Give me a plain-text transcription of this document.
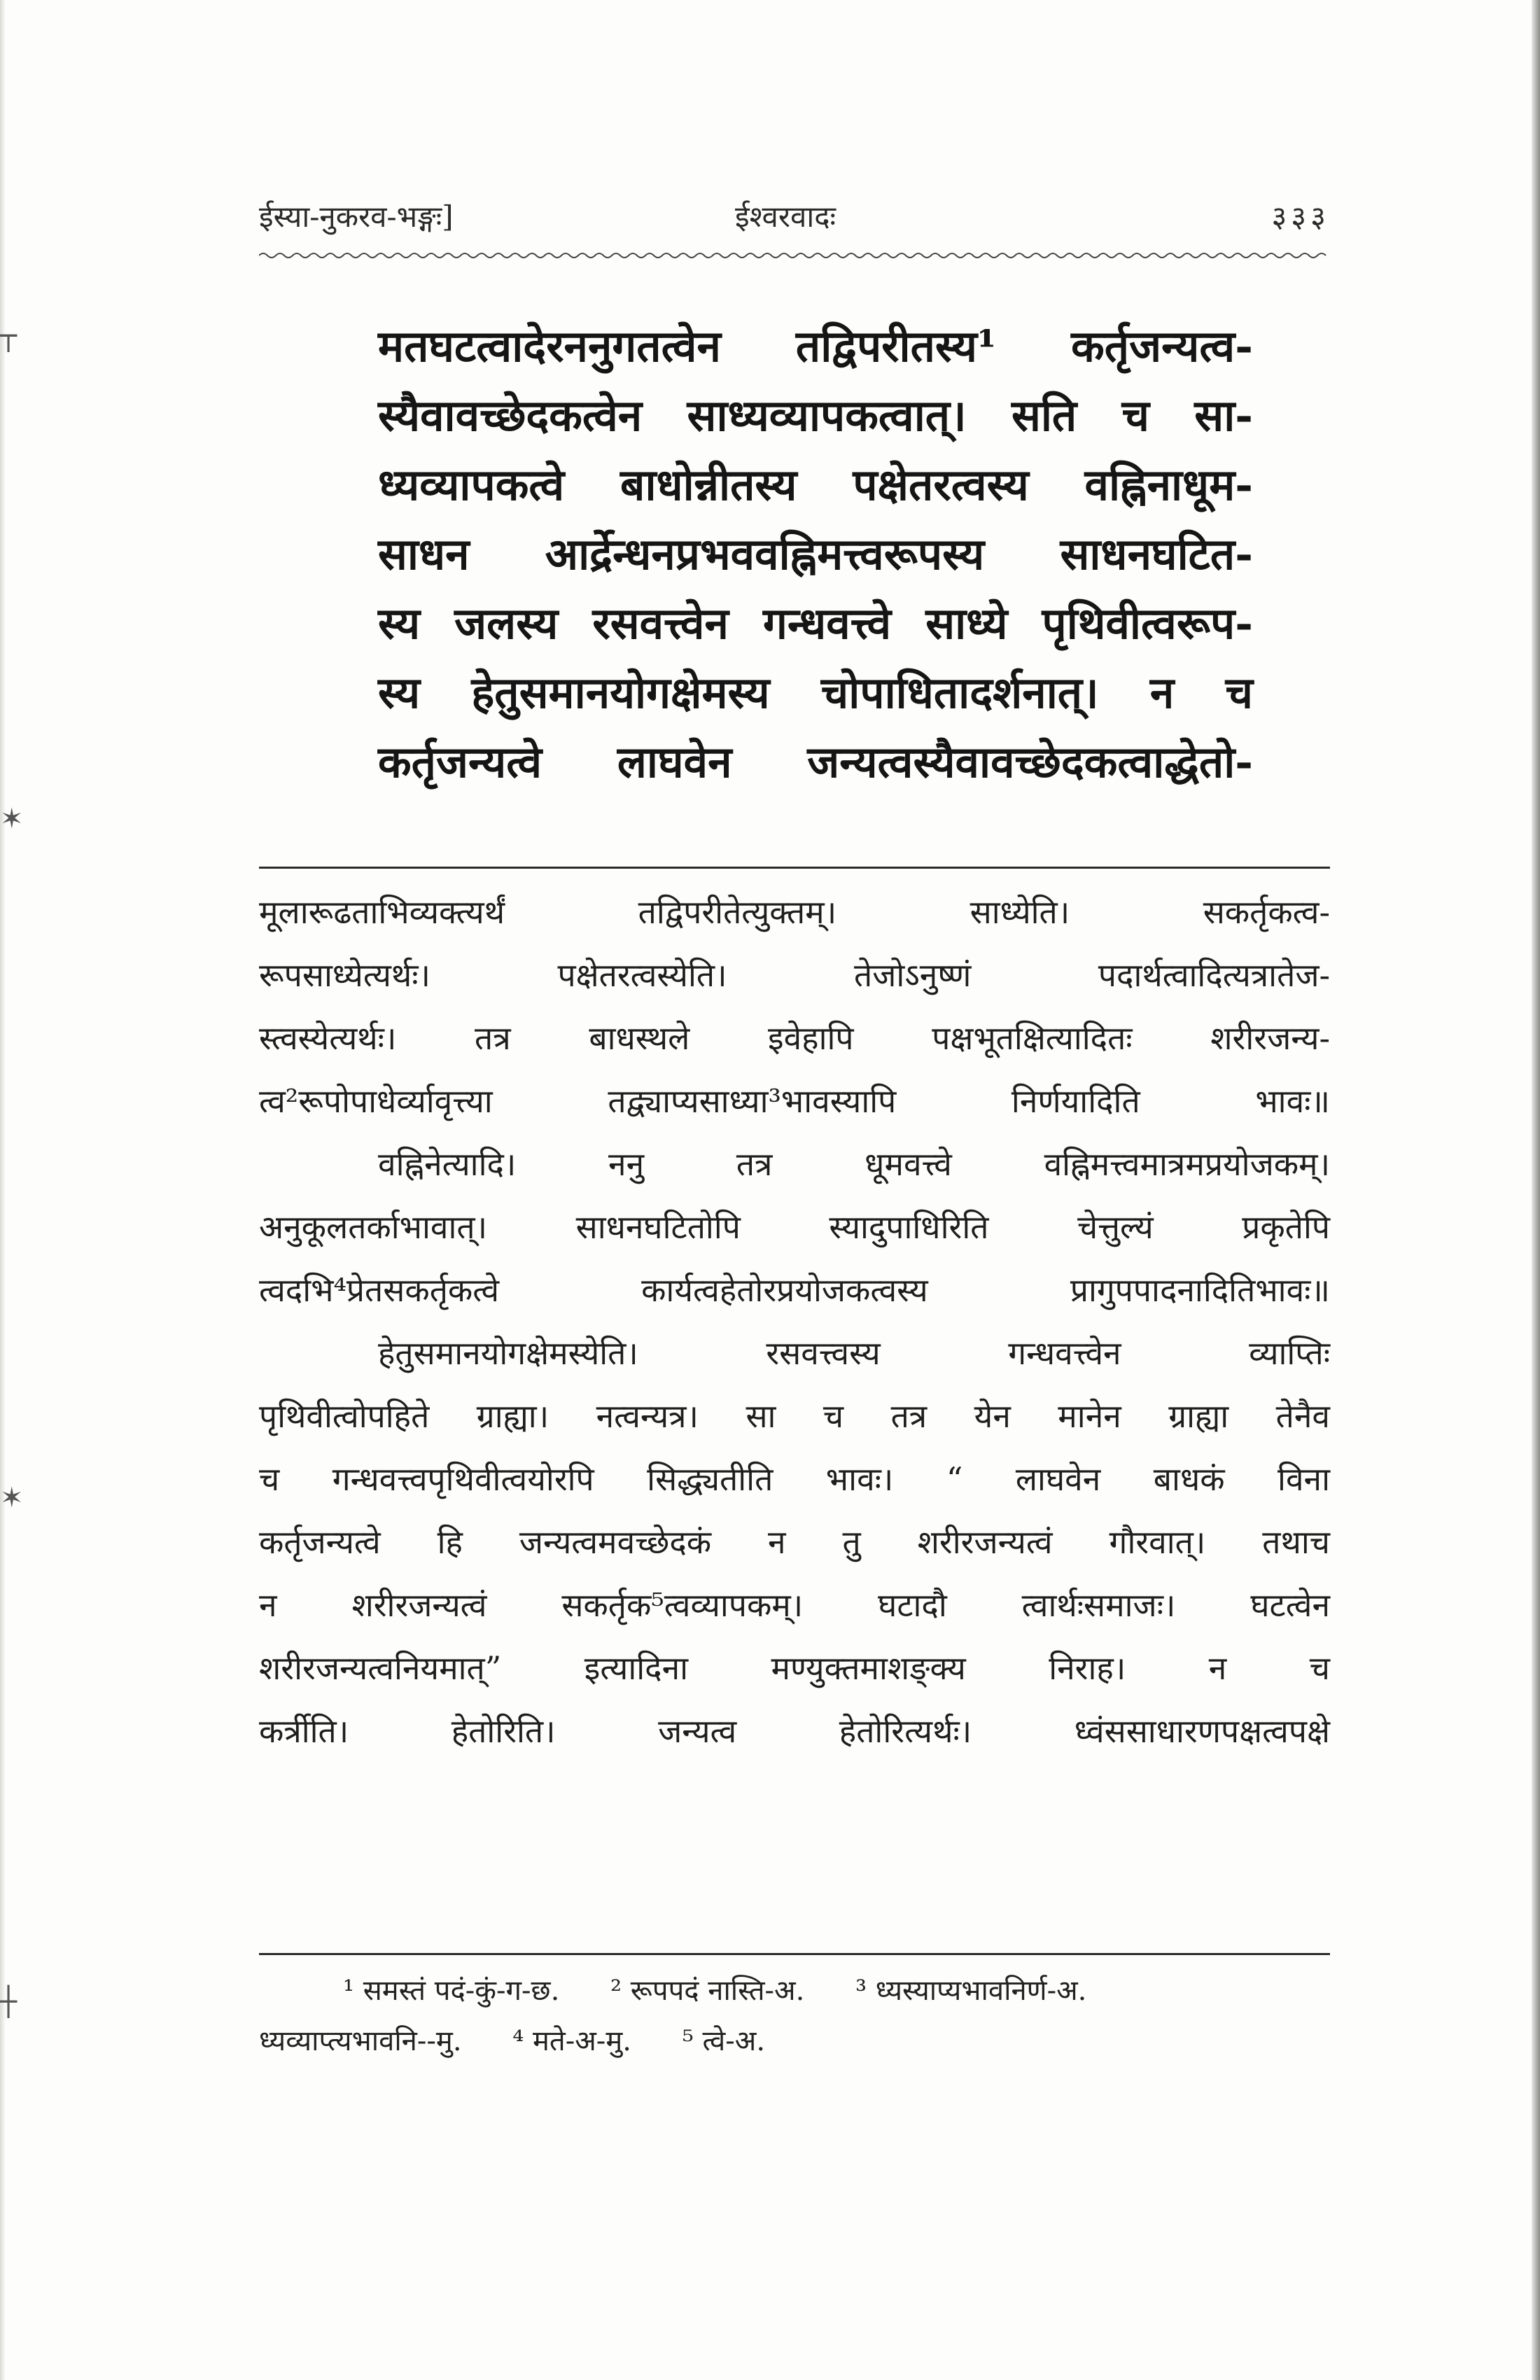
┬
✶
✶
┼
ईस्या-नुकरव-भङ्गः]	ईश्वरवादः	३३३

मतघटत्वादेरननुगतत्वेन तद्विपरीतस्य¹ कर्तृजन्यत्व-

स्यैवावच्छेदकत्वेन साध्यव्यापकत्वात्। सति च सा-

ध्यव्यापकत्वे बाधोन्नीतस्य पक्षेतरत्वस्य वह्निनाधूम-

साधन आर्द्रेन्धनप्रभववह्निमत्त्वरूपस्य साधनघटित-

स्य जलस्य रसवत्त्वेन गन्धवत्त्वे साध्ये पृथिवीत्वरूप-

स्य हेतुसमानयोगक्षेमस्य चोपाधितादर्शनात्। न च

कर्तृजन्यत्वे लाघवेन जन्यत्वस्यैवावच्छेदकत्वाद्धेतो-

मूलारूढताभिव्यक्त्यर्थं तद्विपरीतेत्युक्तम्। साध्येति। सकर्तृकत्व-

रूपसाध्येत्यर्थः। पक्षेतरत्वस्येति। तेजोऽनुष्णं पदार्थत्वादित्यत्रातेज-

स्त्वस्येत्यर्थः। तत्र बाधस्थले इवेहापि पक्षभूतक्षित्यादितः शरीरजन्य-

त्व²रूपोपाधेर्व्यावृत्त्या तद्व्याप्यसाध्या³भावस्यापि निर्णयादिति भावः॥

वह्निनेत्यादि। ननु तत्र धूमवत्त्वे वह्निमत्त्वमात्रमप्रयोजकम्।

अनुकूलतर्काभावात्। साधनघटितोपि स्यादुपाधिरिति चेत्तुल्यं प्रकृतेपि

त्वदभि⁴प्रेतसकर्तृकत्वे कार्यत्वहेतोरप्रयोजकत्वस्य प्रागुपपादनादितिभावः॥

हेतुसमानयोगक्षेमस्येति। रसवत्त्वस्य गन्धवत्त्वेन व्याप्तिः

पृथिवीत्वोपहिते ग्राह्या। नत्वन्यत्र। सा च तत्र येन मानेन ग्राह्या तेनैव

च गन्धवत्त्वपृथिवीत्वयोरपि सिद्ध्यतीति भावः। “ लाघवेन बाधकं विना

कर्तृजन्यत्वे हि जन्यत्वमवच्छेदकं न तु शरीरजन्यत्वं गौरवात्। तथाच

न शरीरजन्यत्वं सकर्तृक⁵त्वव्यापकम्। घटादौ त्वार्थःसमाजः। घटत्वेन

शरीरजन्यत्वनियमात्” इत्यादिना मण्युक्तमाशङ्क्य निराह। न च

कर्त्रीति। हेतोरिति। जन्यत्व हेतोरित्यर्थः। ध्वंससाधारणपक्षत्वपक्षे

¹ समस्तं पदं-कुं-ग-छ. ² रूपपदं नास्ति-अ. ³ ध्यस्याप्यभावनिर्ण-अ.

ध्यव्याप्त्यभावनि--मु. ⁴ मते-अ-मु. ⁵ त्वे-अ.
